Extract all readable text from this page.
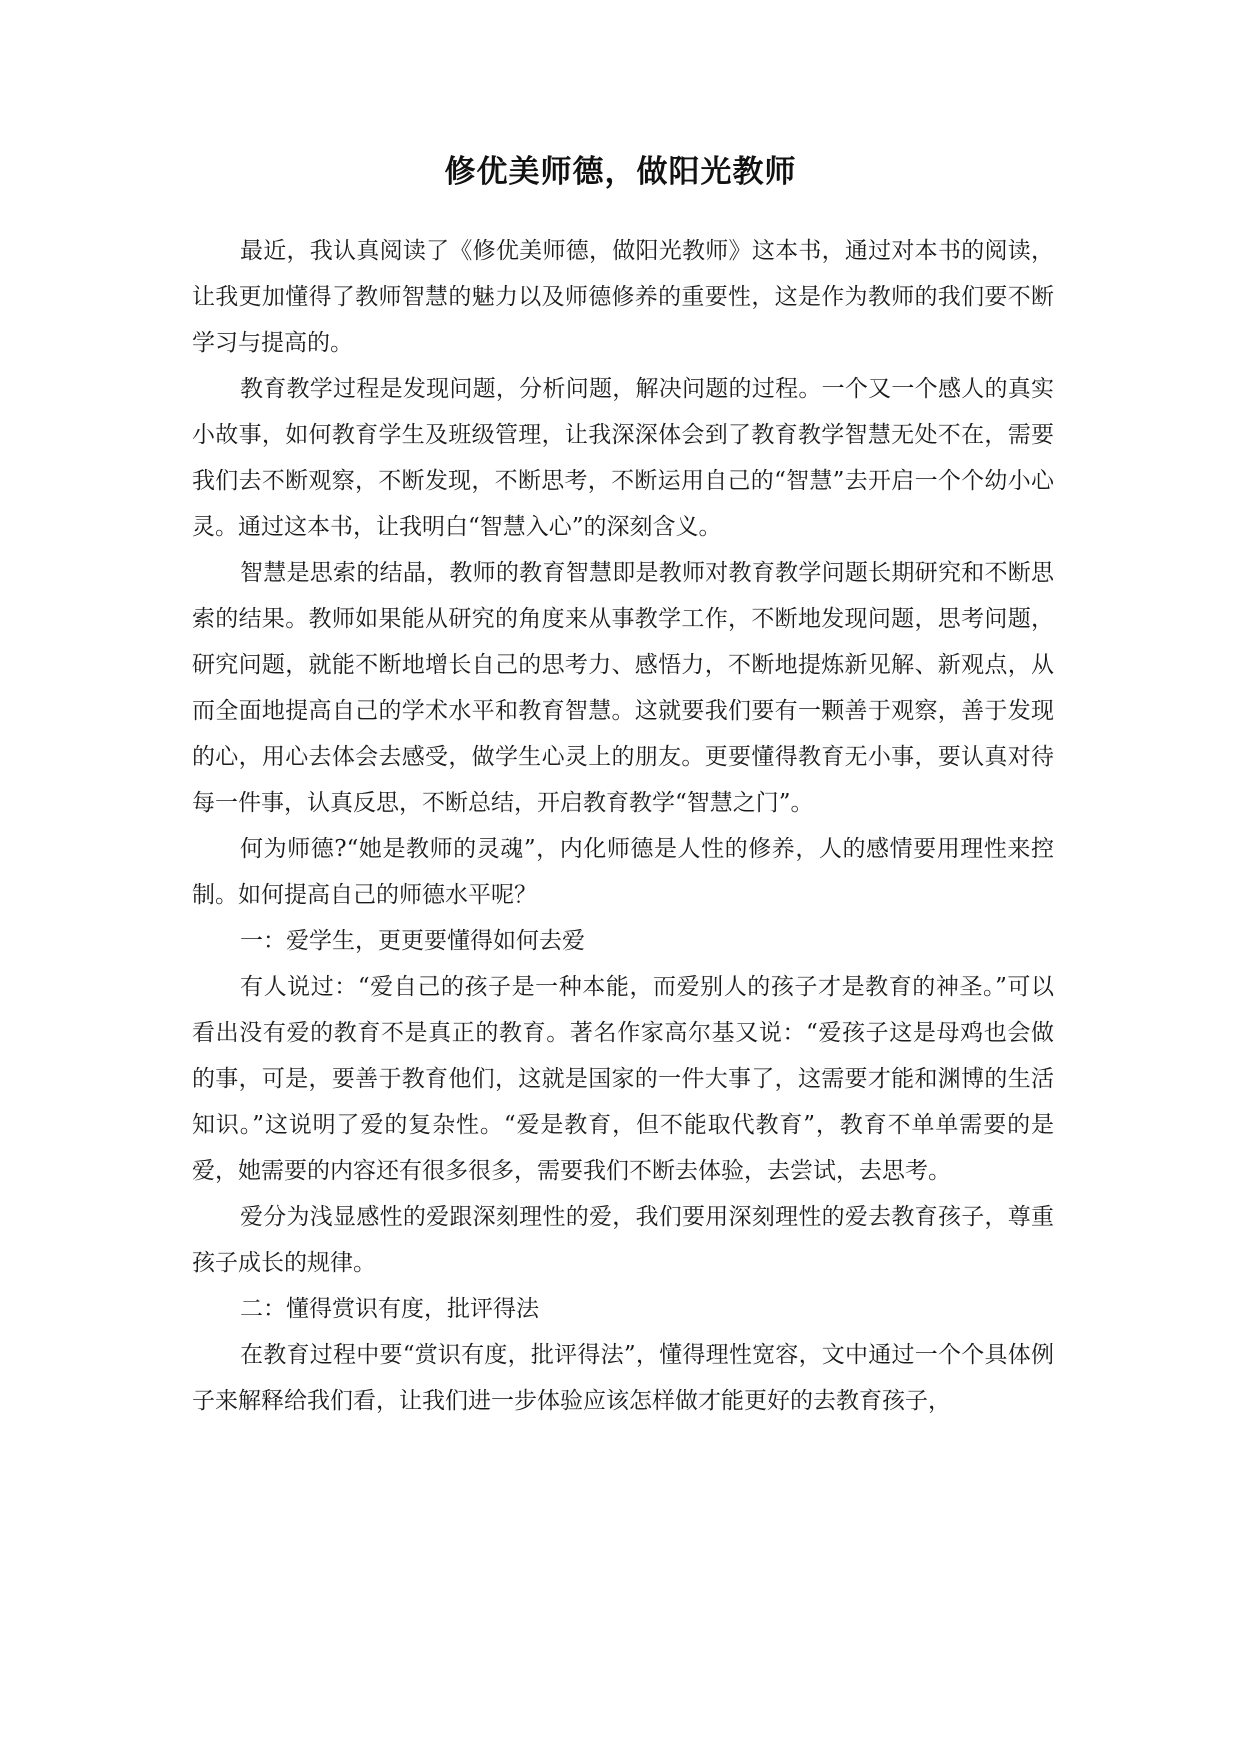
修优美师德，做阳光教师

最近，我认真阅读了《修优美师德，做阳光教师》这本书，通过对本书的阅读，让我更加懂得了教师智慧的魅力以及师德修养的重要性，这是作为教师的我们要不断学习与提高的。

教育教学过程是发现问题，分析问题，解决问题的过程。一个又一个感人的真实小故事，如何教育学生及班级管理，让我深深体会到了教育教学智慧无处不在，需要我们去不断观察，不断发现，不断思考，不断运用自己的“智慧”去开启一个个幼小心灵。通过这本书，让我明白“智慧入心”的深刻含义。

智慧是思索的结晶，教师的教育智慧即是教师对教育教学问题长期研究和不断思索的结果。教师如果能从研究的角度来从事教学工作，不断地发现问题，思考问题，研究问题，就能不断地增长自己的思考力、感悟力，不断地提炼新见解、新观点，从而全面地提高自己的学术水平和教育智慧。这就要我们要有一颗善于观察，善于发现的心，用心去体会去感受，做学生心灵上的朋友。更要懂得教育无小事，要认真对待每一件事，认真反思，不断总结，开启教育教学“智慧之门”。

何为师德?“她是教师的灵魂”，内化师德是人性的修养，人的感情要用理性来控制。如何提高自己的师德水平呢？

一：爱学生，更更要懂得如何去爱

有人说过：“爱自己的孩子是一种本能，而爱别人的孩子才是教育的神圣。”可以看出没有爱的教育不是真正的教育。著名作家高尔基又说：“爱孩子这是母鸡也会做的事，可是，要善于教育他们，这就是国家的一件大事了，这需要才能和渊博的生活知识。”这说明了爱的复杂性。“爱是教育，但不能取代教育”，教育不单单需要的是爱，她需要的内容还有很多很多，需要我们不断去体验，去尝试，去思考。

爱分为浅显感性的爱跟深刻理性的爱，我们要用深刻理性的爱去教育孩子，尊重孩子成长的规律。

二：懂得赏识有度，批评得法

在教育过程中要“赏识有度，批评得法”，懂得理性宽容，文中通过一个个具体例子来解释给我们看，让我们进一步体验应该怎样做才能更好的去教育孩子，
